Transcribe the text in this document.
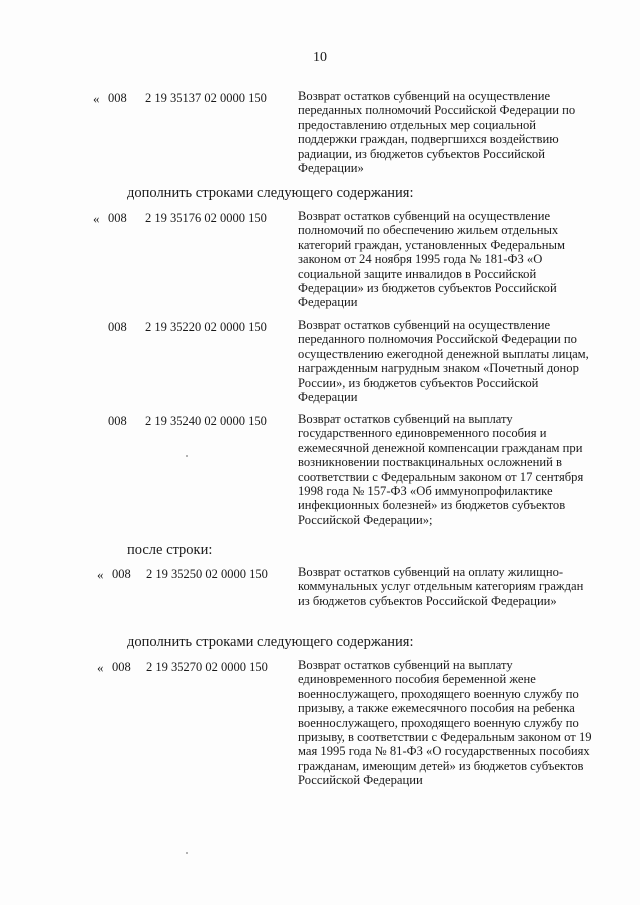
10
« 008 2 19 35137 02 0000 150 Возврат остатков субвенций на осуществление переданных полномочий Российской Федерации по предоставлению отдельных мер социальной поддержки граждан, подвергшихся воздействию радиации, из бюджетов субъектов Российской Федерации»
дополнить строками следующего содержания:
« 008 2 19 35176 02 0000 150 Возврат остатков субвенций на осуществление полномочий по обеспечению жильем отдельных категорий граждан, установленных Федеральным законом от 24 ноября 1995 года № 181-ФЗ «О социальной защите инвалидов в Российской Федерации» из бюджетов субъектов Российской Федерации
008 2 19 35220 02 0000 150 Возврат остатков субвенций на осуществление переданного полномочия Российской Федерации по осуществлению ежегодной денежной выплаты лицам, награжденным нагрудным знаком «Почетный донор России», из бюджетов субъектов Российской Федерации
008 2 19 35240 02 0000 150 Возврат остатков субвенций на выплату государственного единовременного пособия и ежемесячной денежной компенсации гражданам при возникновении поствакцинальных осложнений в соответствии с Федеральным законом от 17 сентября 1998 года № 157-ФЗ «Об иммунопрофилактике инфекционных болезней» из бюджетов субъектов Российской Федерации»;
после строки:
« 008 2 19 35250 02 0000 150 Возврат остатков субвенций на оплату жилищно-коммунальных услуг отдельным категориям граждан из бюджетов субъектов Российской Федерации»
дополнить строками следующего содержания:
« 008 2 19 35270 02 0000 150 Возврат остатков субвенций на выплату единовременного пособия беременной жене военнослужащего, проходящего военную службу по призыву, а также ежемесячного пособия на ребенка военнослужащего, проходящего военную службу по призыву, в соответствии с Федеральным законом от 19 мая 1995 года № 81-ФЗ «О государственных пособиях гражданам, имеющим детей» из бюджетов субъектов Российской Федерации
